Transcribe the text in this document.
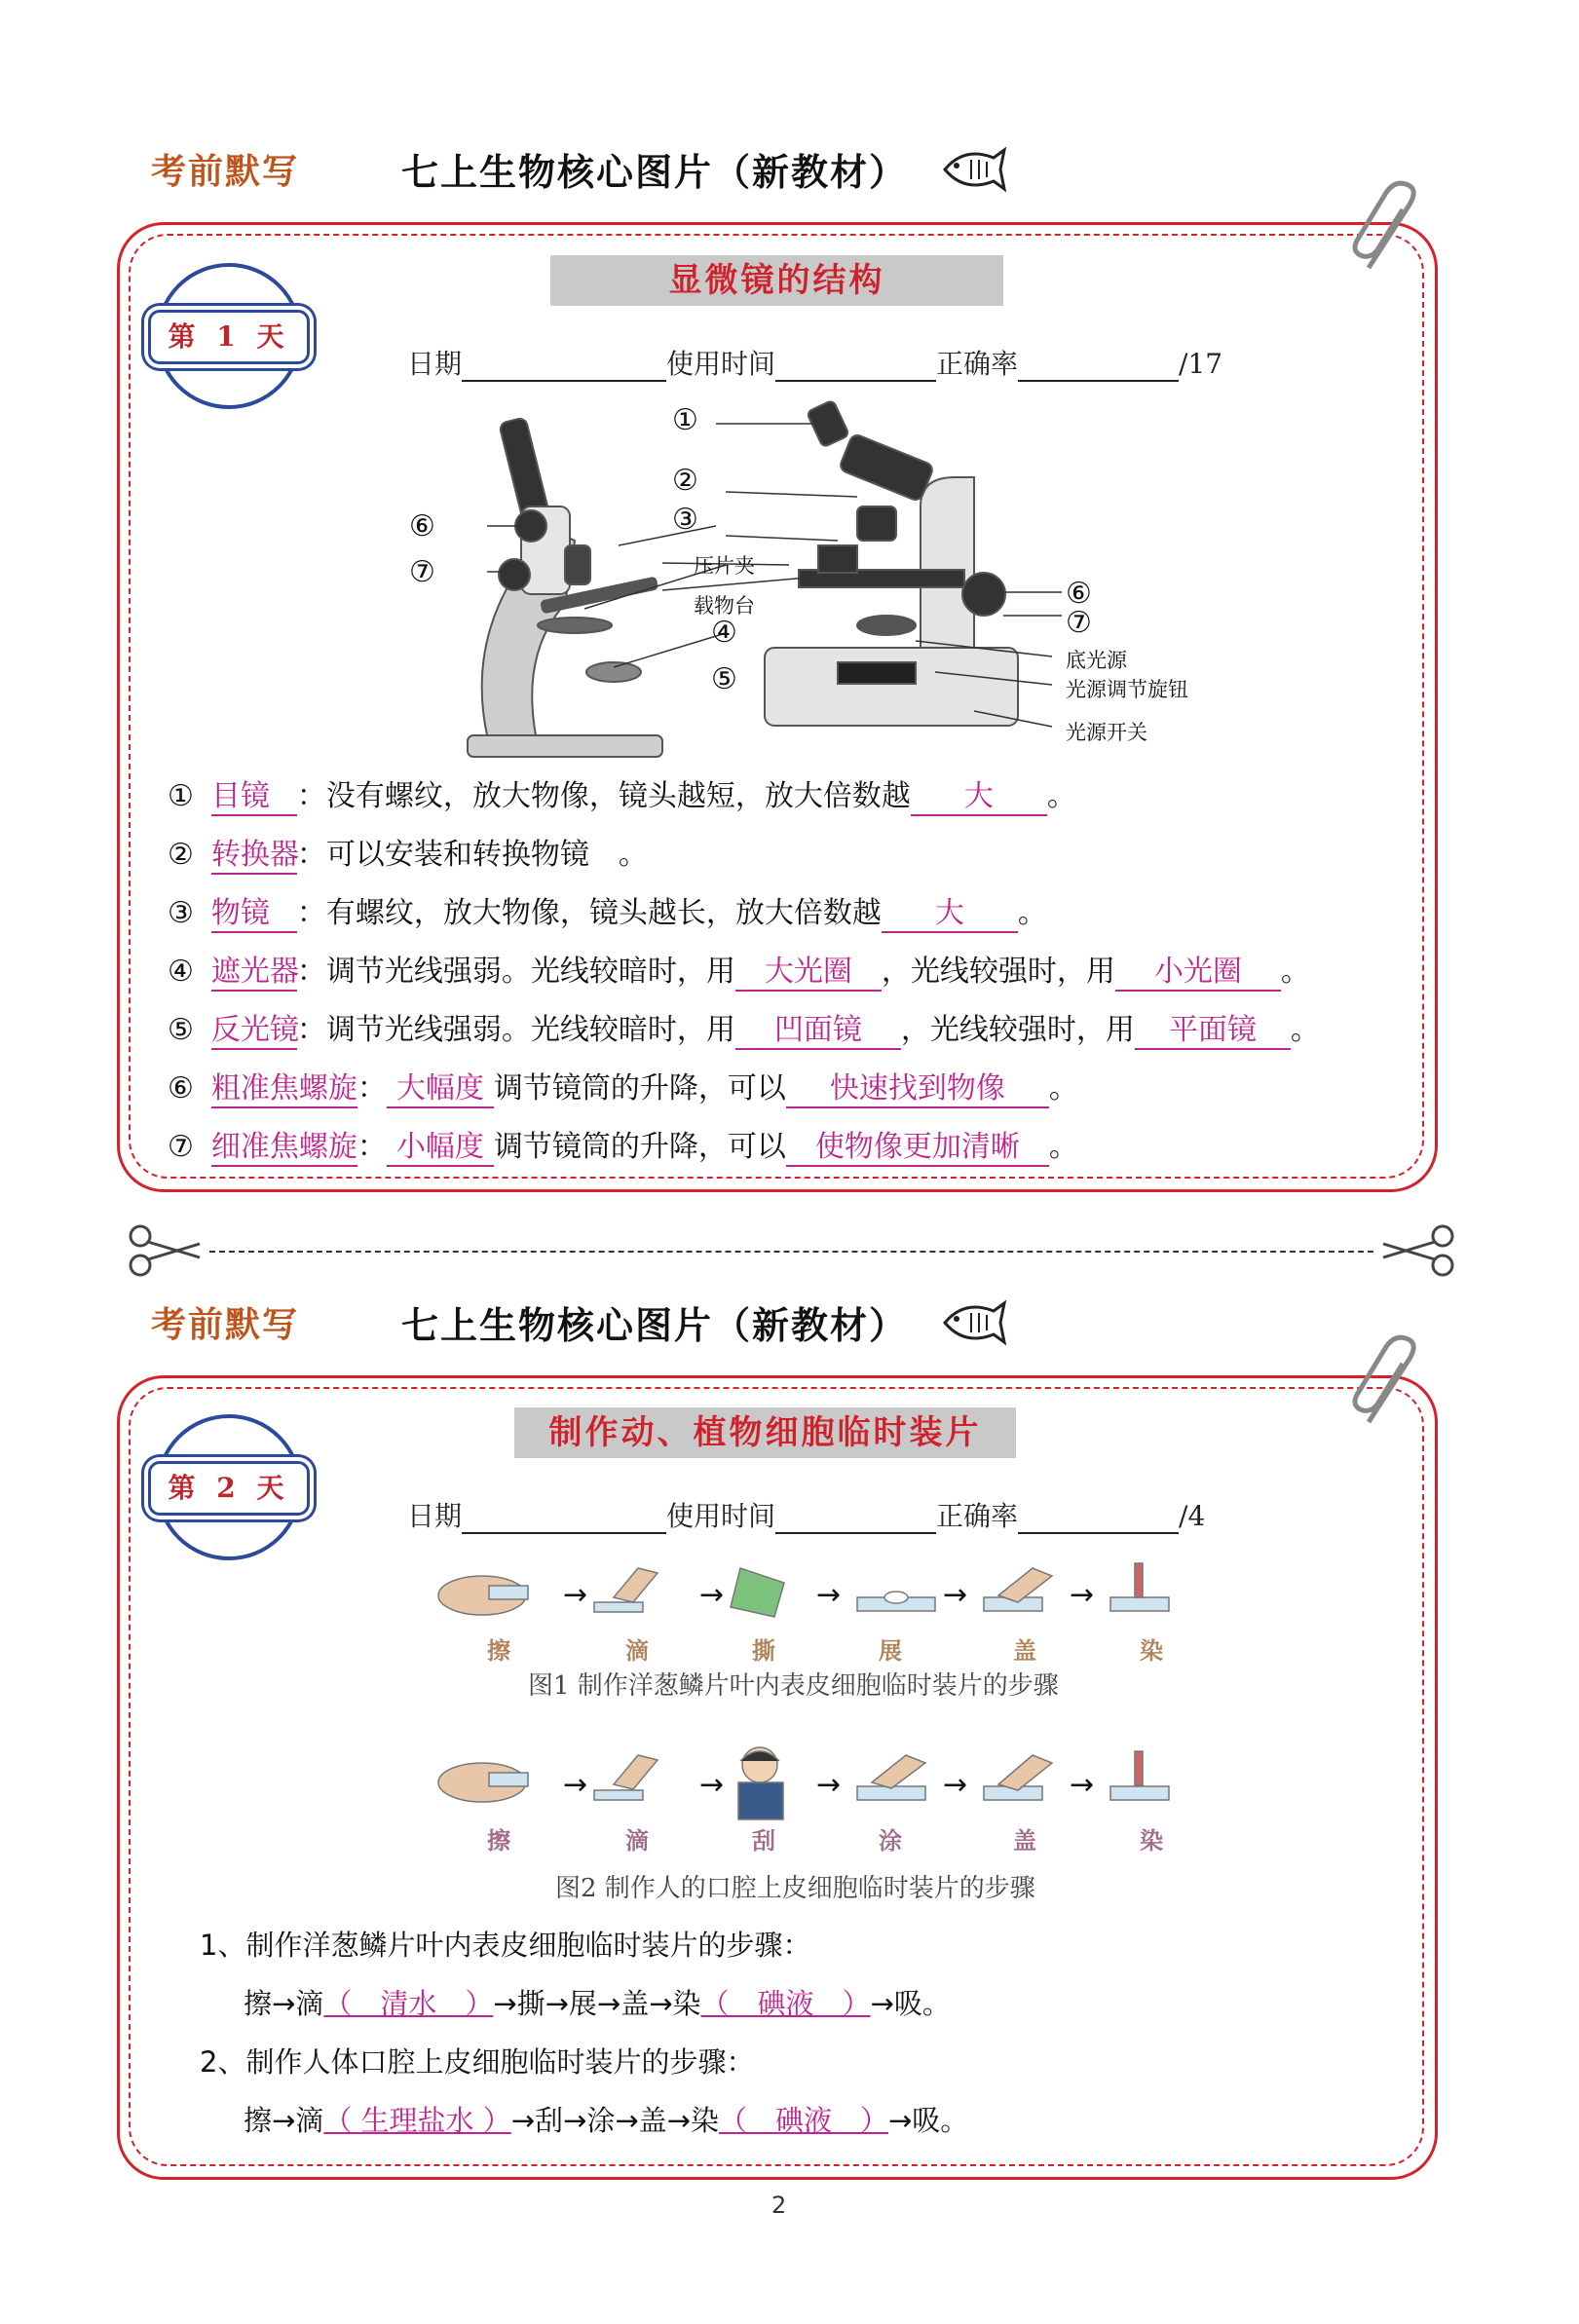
考前默写	七上生物核心图片（新教材）
第 1 天
显微镜的结构
日期	使用时间	正确率	/17
①
②
③
⑥
⑦	压片夹
载物台
④
⑤
⑥
⑦
底光源
光源调节旋钮
光源开关
① 目镜 ：没有螺纹，放大物像，镜头越短，放大倍数越 大 。
② 转换器：可以安装和转换物镜　。
③ 物镜 ：有螺纹，放大物像，镜头越长，放大倍数越 大 。
④ 遮光器：调节光线强弱。光线较暗时，用 大光圈 ，光线较强时，用 小光圈 。
⑤ 反光镜：调节光线强弱。光线较暗时，用 凹面镜 ，光线较强时，用 平面镜 。
⑥ 粗准焦螺旋： 大幅度 调节镜筒的升降，可以 快速找到物像 。
⑦ 细准焦螺旋： 小幅度 调节镜筒的升降，可以 使物像更加清晰 。
考前默写	七上生物核心图片（新教材）
第 2 天
制作动、植物细胞临时装片
日期	使用时间	正确率	/4
→	→	→	→	→
擦	滴	撕	展	盖	染
图1 制作洋葱鳞片叶内表皮细胞临时装片的步骤
→	→	→	→	→
擦	滴	刮	涂	盖	染
图2 制作人的口腔上皮细胞临时装片的步骤
1、制作洋葱鳞片叶内表皮细胞临时装片的步骤：
擦→滴（　清水　）→撕→展→盖→染（　碘液　）→吸。
2、制作人体口腔上皮细胞临时装片的步骤：
擦→滴（ 生理盐水 ）→刮→涂→盖→染（　碘液　）→吸。
2
